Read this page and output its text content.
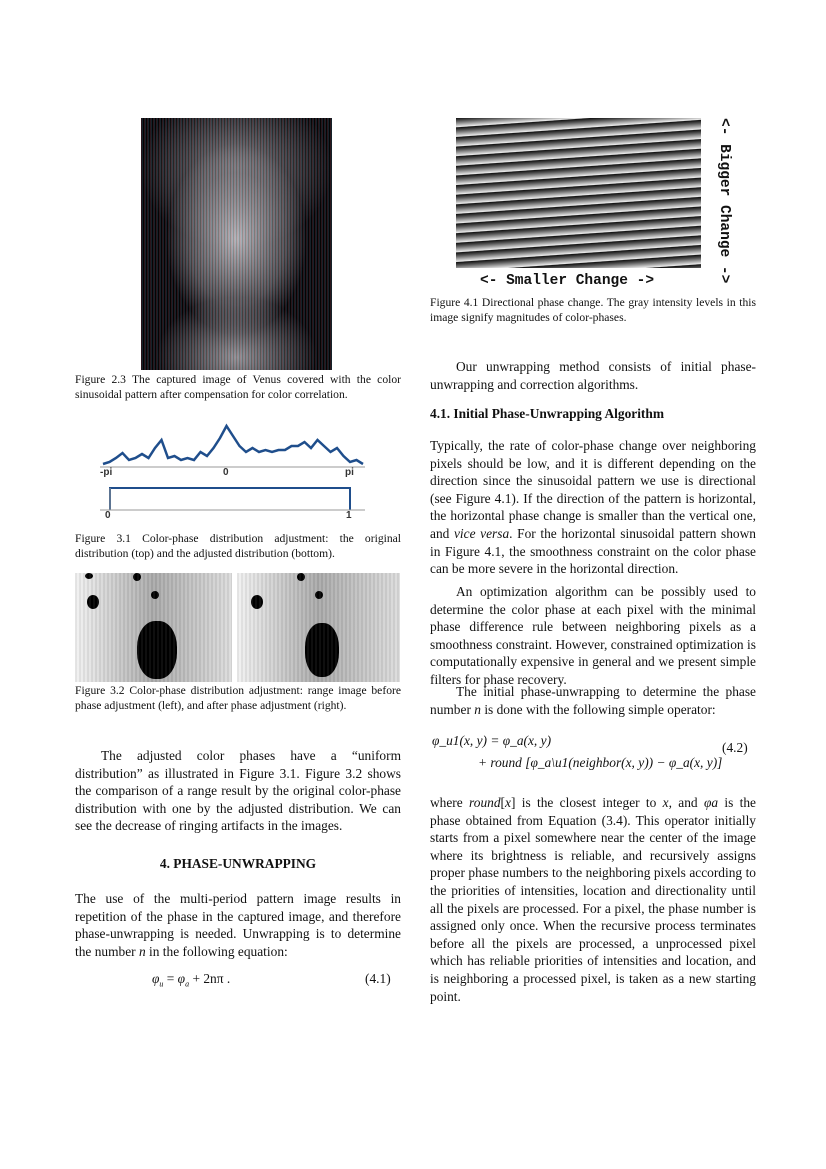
Figure 2.3 The captured image of Venus covered with the color sinusoidal pattern after compensation for color correlation.
-pi	0	pi
0	1
Figure 3.1 Color-phase distribution adjustment: the original distribution (top) and the adjusted distribution (bottom).
Figure 3.2 Color-phase distribution adjustment: range image before phase adjustment (left), and after phase adjustment (right).
The adjusted color phases have a “uniform distribution” as illustrated in Figure 3.1. Figure 3.2 shows the comparison of a range result by the original color-phase distribution with one by the adjusted distribution. We can see the decrease of ringing artifacts in the images.
4. PHASE-UNWRAPPING
The use of the multi-period pattern image results in repetition of the phase in the captured image, and therefore phase-unwrapping is needed. Unwrapping is to determine the number n in the following equation:
$\varphi_u = \varphi_a + 2n\pi$ .	(4.1)
<- Smaller Change ->	<- Bigger Change ->
Figure 4.1 Directional phase change. The gray intensity levels in this image signify magnitudes of color-phases.
Our unwrapping method consists of initial phase-unwrapping and correction algorithms.
4.1. Initial Phase-Unwrapping Algorithm
Typically, the rate of color-phase change over neighboring pixels should be low, and it is different depending on the direction since the sinusoidal pattern we use is directional (see Figure 4.1). If the direction of the pattern is horizontal, the horizontal phase change is smaller than the vertical one, and vice versa. For the horizontal sinusoidal pattern shown in Figure 4.1, the smoothness constraint on the color phase can be more severe in the horizontal direction.
An optimization algorithm can be possibly used to determine the color phase at each pixel with the minimal phase difference rule between neighboring pixels as a smoothness constraint. However, constrained optimization is computationally expensive in general and we present simple filters for phase recovery.
The initial phase-unwrapping to determine the phase number n is done with the following simple operator:
φ_u1(x, y) = φ_a(x, y)
+ round [φ_a\u1(neighbor(x, y)) − φ_a(x, y)]
(4.2)
where round[x] is the closest integer to x, and φa is the phase obtained from Equation (3.4). This operator initially starts from a pixel somewhere near the center of the image where its brightness is reliable, and recursively assigns proper phase numbers to the neighboring pixels according to the priorities of intensities, location and directionality until all the pixels are processed. For a pixel, the phase number is assigned only once. When the recursive process terminates before all the pixels are processed, a unprocessed pixel which has reliable priorities of intensities and location, and is neighboring a processed pixel, is taken as a new starting point.
